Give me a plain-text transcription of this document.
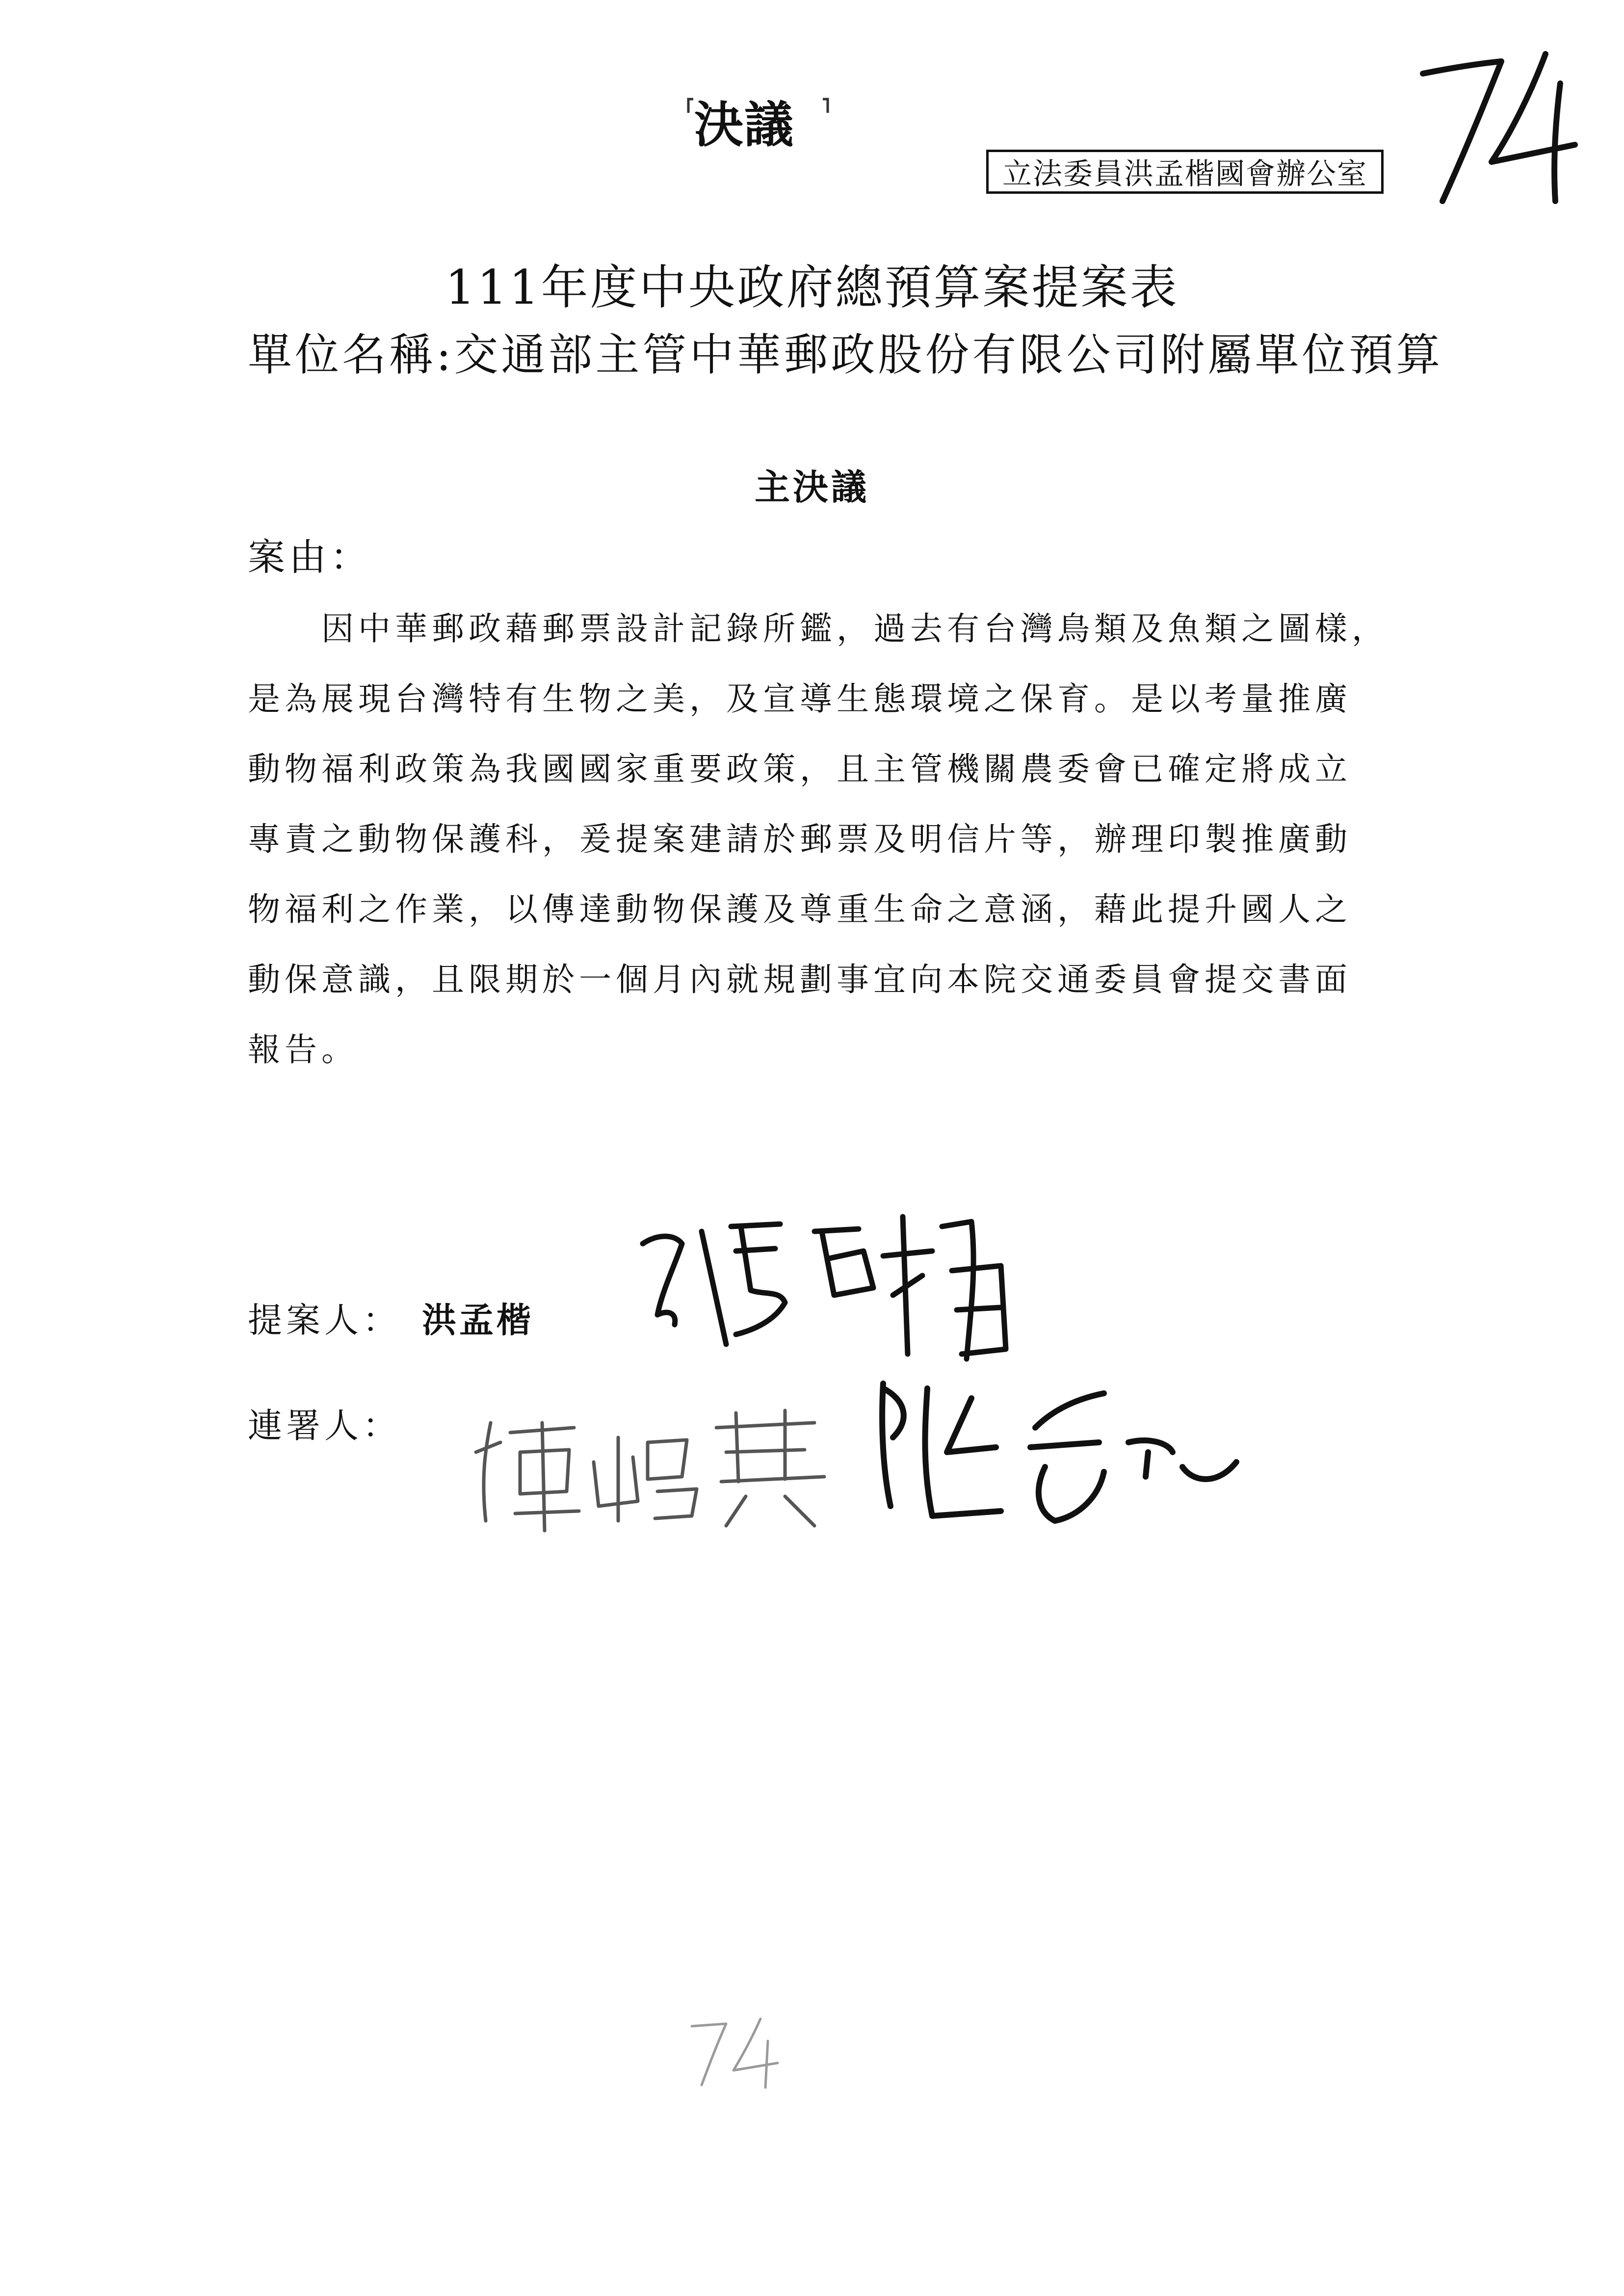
決議
立法委員洪孟楷國會辦公室
111年度中央政府總預算案提案表
單位名稱:交通部主管中華郵政股份有限公司附屬單位預算
主決議
案由：
因中華郵政藉郵票設計記錄所鑑，過去有台灣鳥類及魚類之圖樣，
是為展現台灣特有生物之美，及宣導生態環境之保育。是以考量推廣
動物福利政策為我國國家重要政策，且主管機關農委會已確定將成立
專責之動物保護科，爰提案建請於郵票及明信片等，辦理印製推廣動
物福利之作業，以傳達動物保護及尊重生命之意涵，藉此提升國人之
動保意識，且限期於一個月內就規劃事宜向本院交通委員會提交書面
報告。
提案人： 洪孟楷
連署人：
